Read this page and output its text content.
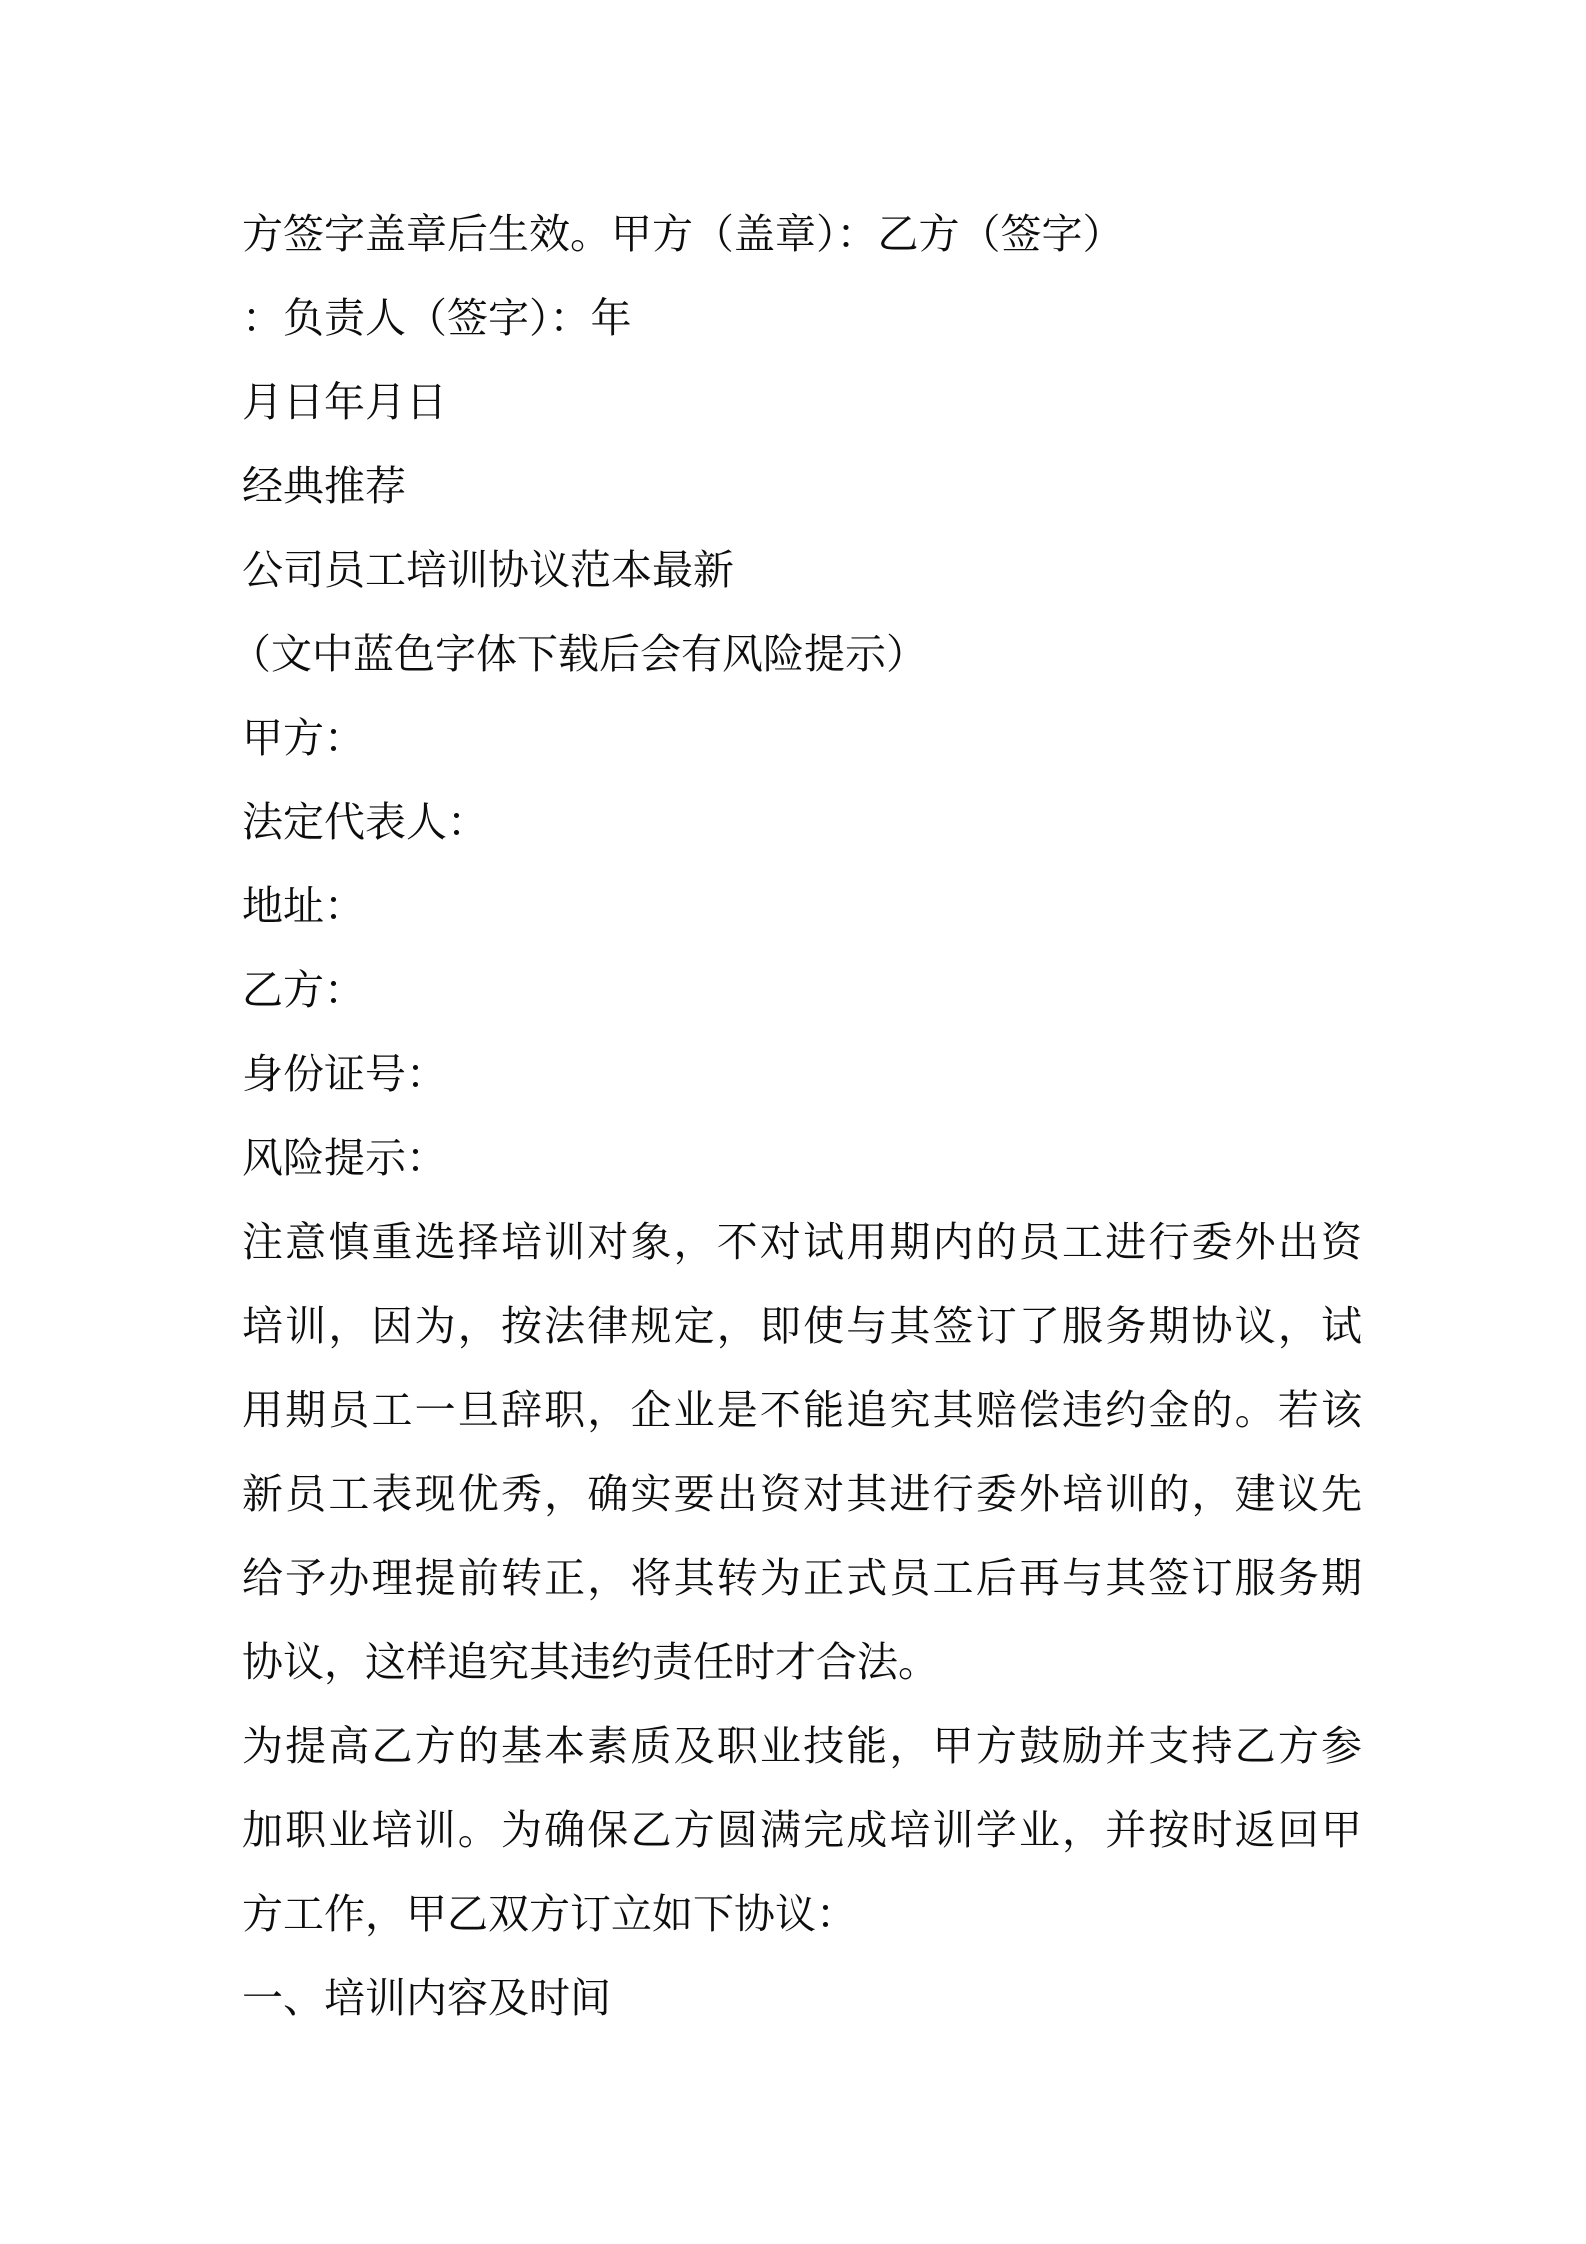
方签字盖章后生效。甲方（盖章）：乙方（签字）
：负责人（签字）：年
月日年月日
经典推荐
公司员工培训协议范本最新
（文中蓝色字体下载后会有风险提示）
甲方：
法定代表人：
地址：
乙方：
身份证号：
风险提示：
注意慎重选择培训对象，不对试用期内的员工进行委外出资
培训，因为，按法律规定，即使与其签订了服务期协议，试
用期员工一旦辞职，企业是不能追究其赔偿违约金的。若该
新员工表现优秀，确实要出资对其进行委外培训的，建议先
给予办理提前转正，将其转为正式员工后再与其签订服务期
协议，这样追究其违约责任时才合法。
为提高乙方的基本素质及职业技能，甲方鼓励并支持乙方参
加职业培训。为确保乙方圆满完成培训学业，并按时返回甲
方工作，甲乙双方订立如下协议：
一、培训内容及时间
